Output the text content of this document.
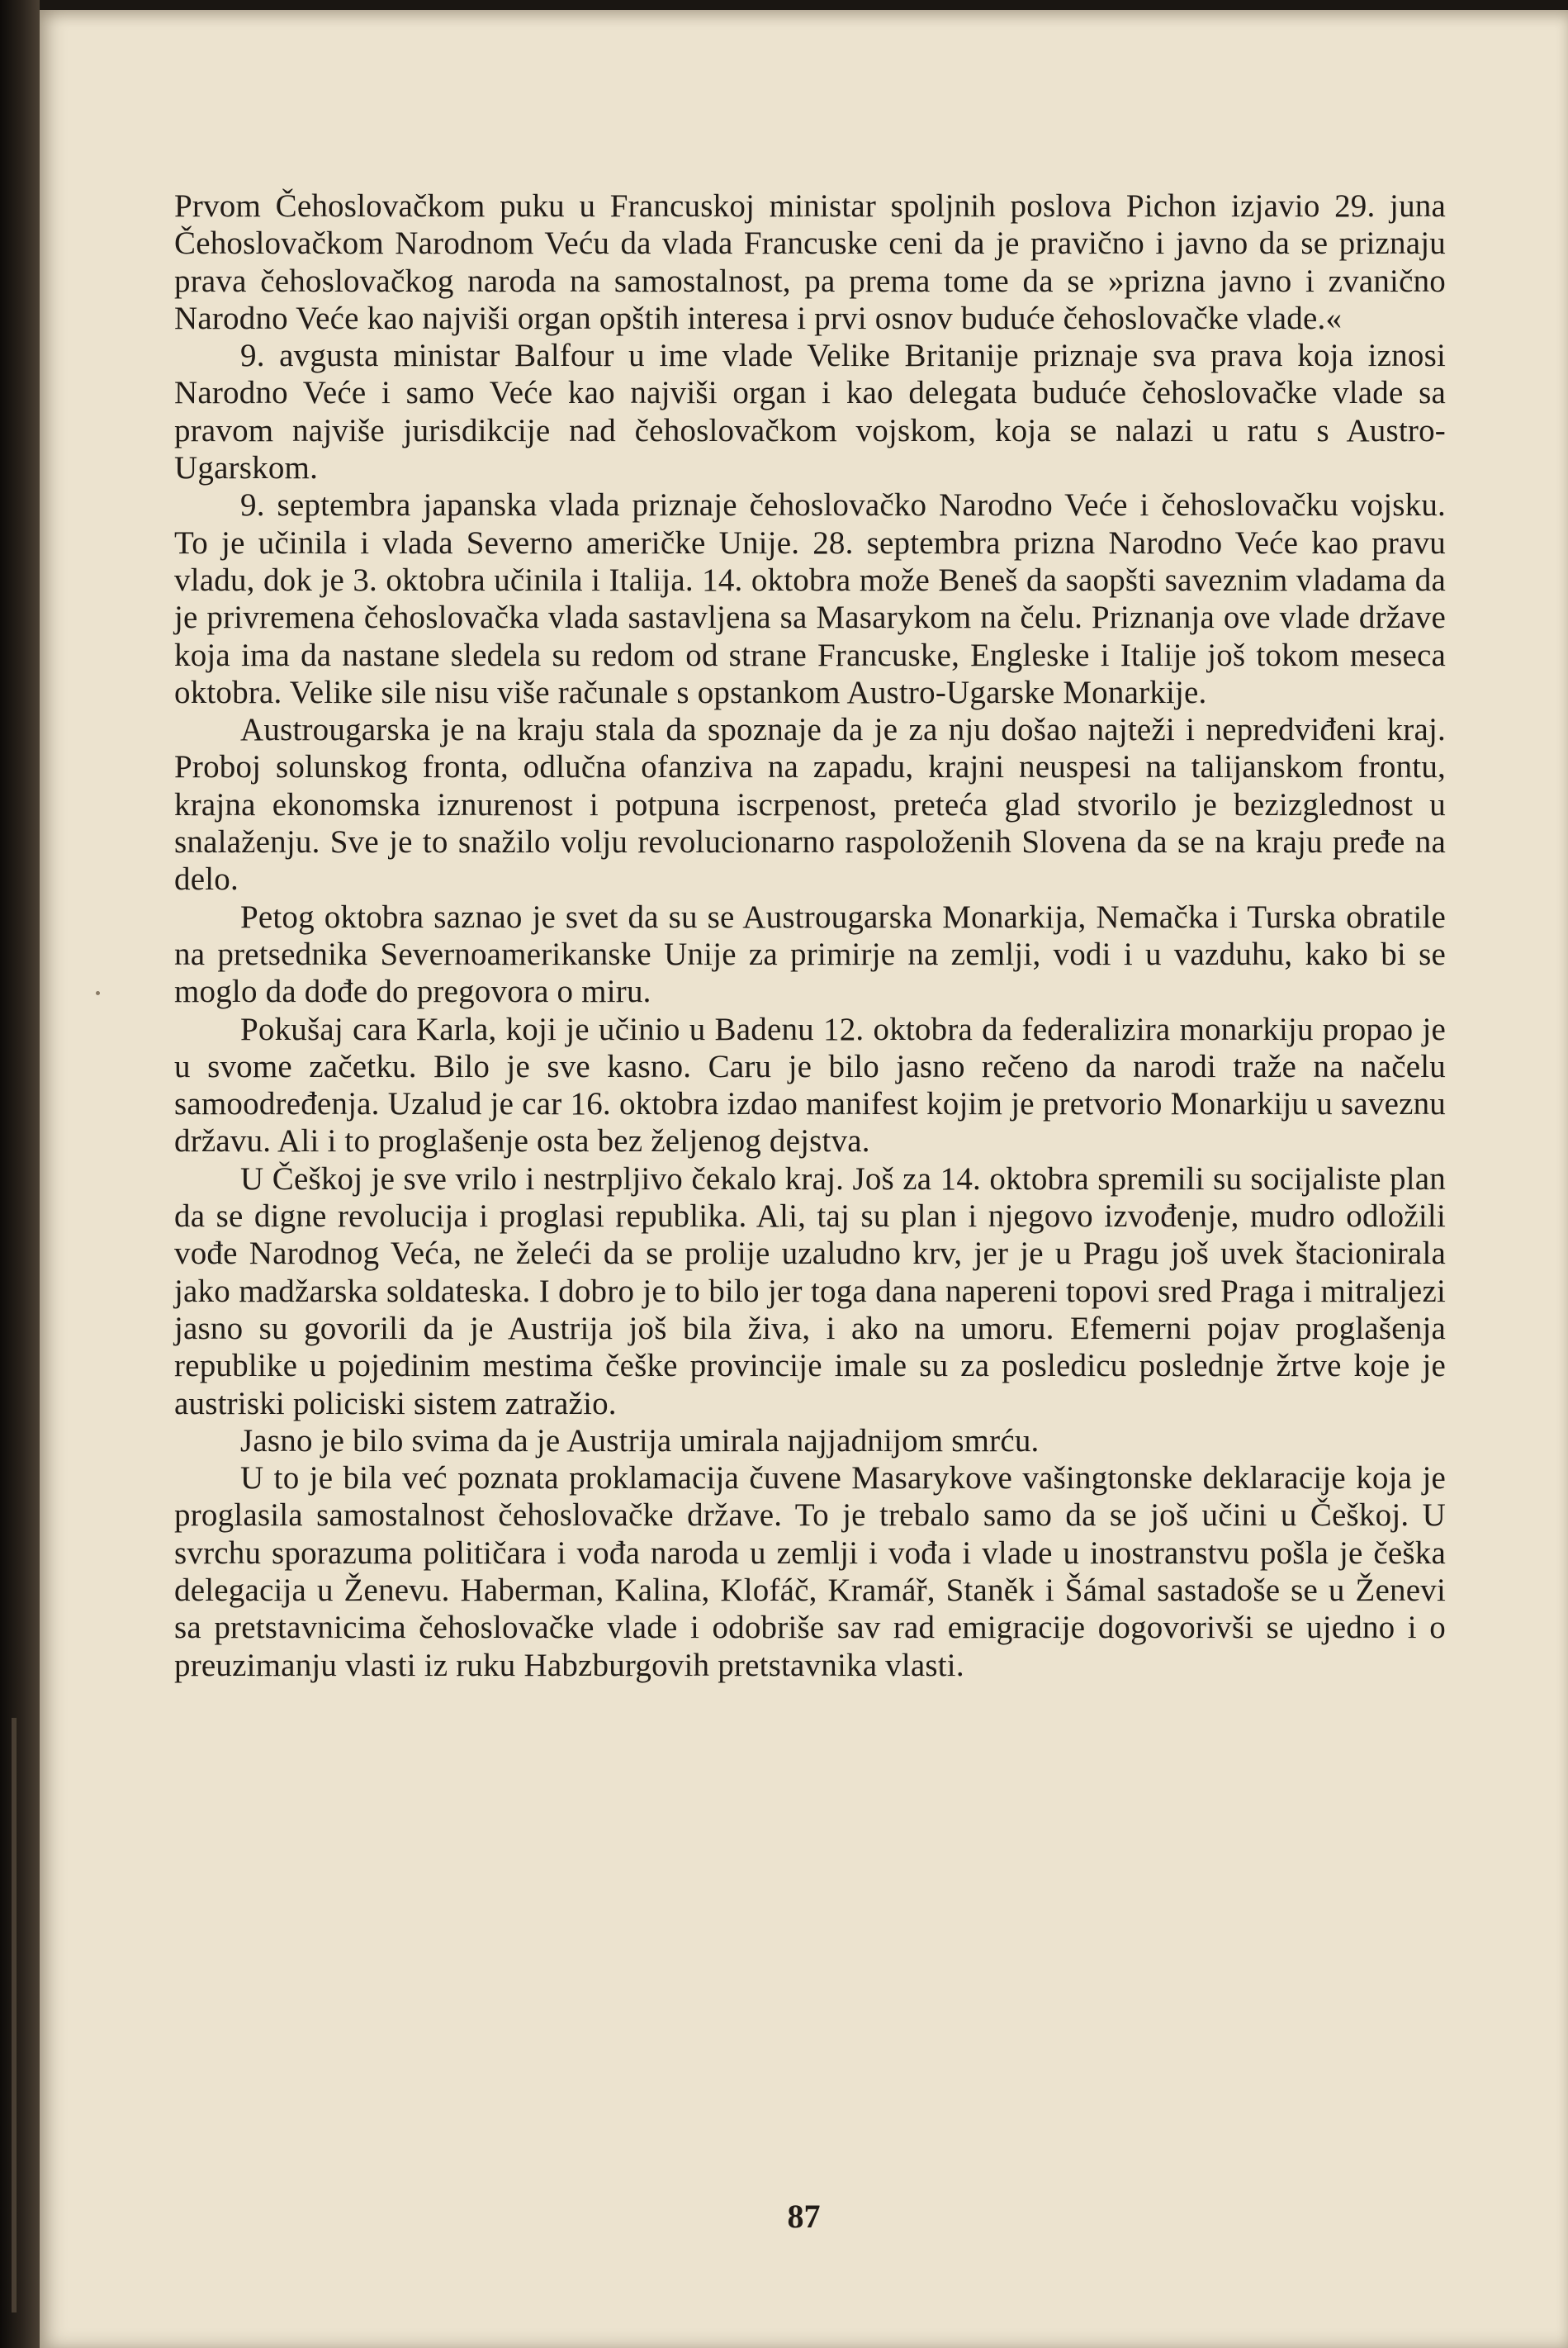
Prvom Čehoslovačkom puku u Francuskoj ministar spoljnih poslova Pichon izjavio 29. juna Čehoslovačkom Narodnom Veću da vlada Francuske ceni da je pravično i javno da se priznaju prava čehoslovačkog naroda na samostalnost, pa prema tome da se »prizna javno i zvanično Narodno Veće kao najviši organ opštih interesa i prvi osnov buduće čehoslovačke vlade.«

9. avgusta ministar Balfour u ime vlade Velike Britanije priznaje sva prava koja iznosi Narodno Veće i samo Veće kao najviši organ i kao delegata buduće čehoslovačke vlade sa pravom najviše jurisdikcije nad čehoslovačkom vojskom, koja se nalazi u ratu s Austro-Ugarskom.

9. septembra japanska vlada priznaje čehoslovačko Narodno Veće i čehoslovačku vojsku. To je učinila i vlada Severno američke Unije. 28. septembra prizna Narodno Veće kao pravu vladu, dok je 3. oktobra učinila i Italija. 14. oktobra može Beneš da saopšti saveznim vladama da je privremena čehoslovačka vlada sastavljena sa Masarykom na čelu. Priznanja ove vlade države koja ima da nastane sledela su redom od strane Francuske, Engleske i Italije još tokom meseca oktobra. Velike sile nisu više računale s opstankom Austro-Ugarske Monarkije.

Austrougarska je na kraju stala da spoznaje da je za nju došao najteži i nepredviđeni kraj. Proboj solunskog fronta, odlučna ofanziva na zapadu, krajni neuspesi na talijanskom frontu, krajna ekonomska iznurenost i potpuna iscrpenost, preteća glad stvorilo je bezizglednost u snalaženju. Sve je to snažilo volju revolucionarno raspoloženih Slovena da se na kraju pređe na delo.

Petog oktobra saznao je svet da su se Austrougarska Monarkija, Nemačka i Turska obratile na pretsednika Severnoamerikanske Unije za primirje na zemlji, vodi i u vazduhu, kako bi se moglo da dođe do pregovora o miru.

Pokušaj cara Karla, koji je učinio u Badenu 12. oktobra da federalizira monarkiju propao je u svome začetku. Bilo je sve kasno. Caru je bilo jasno rečeno da narodi traže na načelu samoodređenja. Uzalud je car 16. oktobra izdao manifest kojim je pretvorio Monarkiju u saveznu državu. Ali i to proglašenje osta bez željenog dejstva.

U Češkoj je sve vrilo i nestrpljivo čekalo kraj. Još za 14. oktobra spremili su socijaliste plan da se digne revolucija i proglasi republika. Ali, taj su plan i njegovo izvođenje, mudro odložili vođe Narodnog Veća, ne želeći da se prolije uzaludno krv, jer je u Pragu još uvek štacionirala jako madžarska soldateska. I dobro je to bilo jer toga dana napereni topovi sred Praga i mitraljezi jasno su govorili da je Austrija još bila živa, i ako na umoru. Efemerni pojav proglašenja republike u pojedinim mestima češke provincije imale su za posledicu poslednje žrtve koje je austriski policiski sistem zatražio.

Jasno je bilo svima da je Austrija umirala najjadnijom smrću.

U to je bila već poznata proklamacija čuvene Masarykove vašingtonske deklaracije koja je proglasila samostalnost čehoslovačke države. To je trebalo samo da se još učini u Češkoj. U svrchu sporazuma političara i vođa naroda u zemlji i vođa i vlade u inostranstvu pošla je češka delegacija u Ženevu. Haberman, Kalina, Klofáč, Kramář, Staněk i Šámal sastadoše se u Ženevi sa pretstavnicima čehoslovačke vlade i odobriše sav rad emigracije dogovorivši se ujedno i o preuzimanju vlasti iz ruku Habzburgovih pretstavnika vlasti.

87
